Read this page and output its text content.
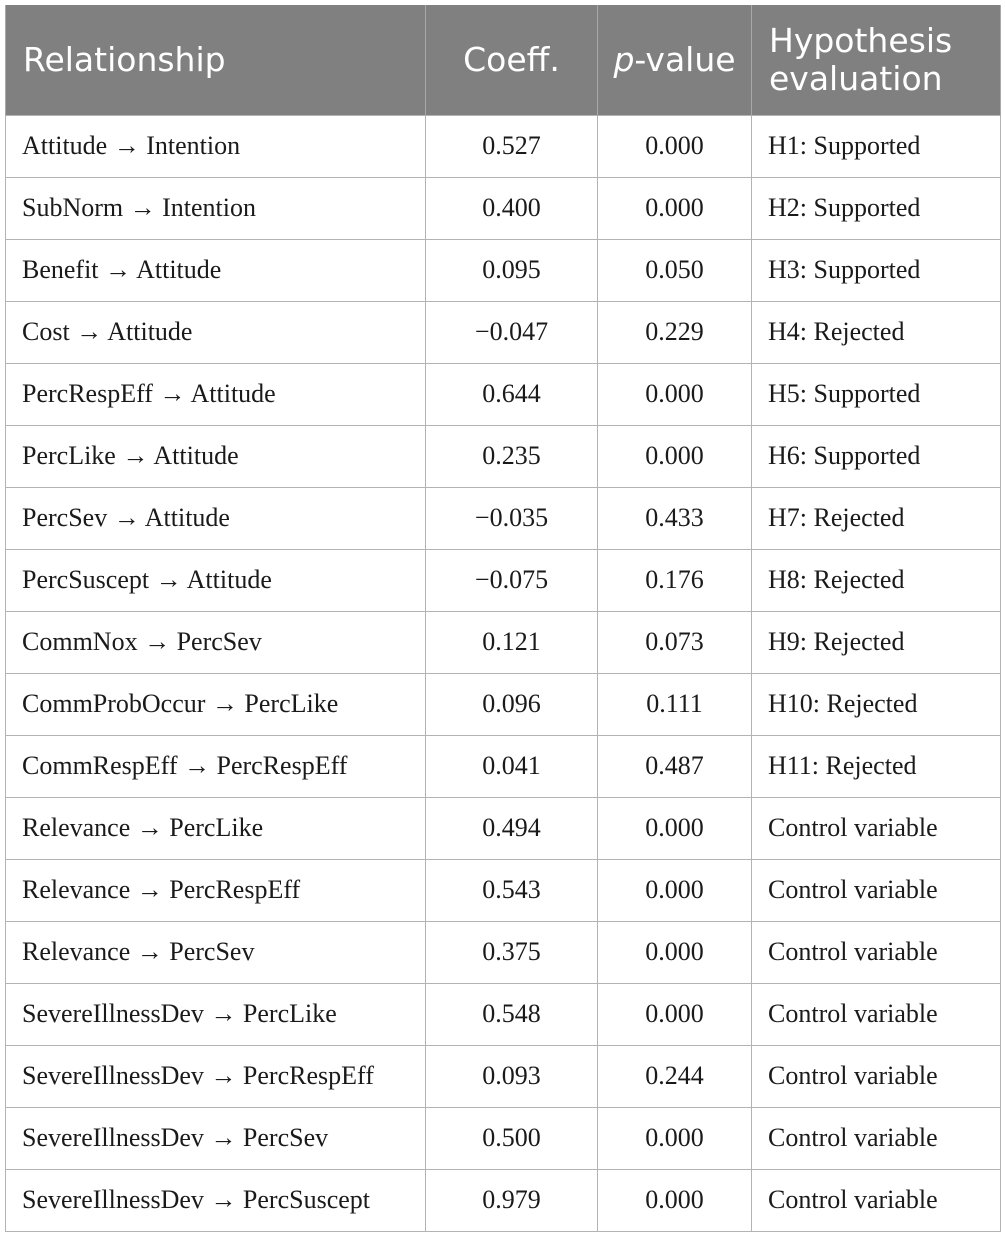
Relationship	Coeff.	p-value	Hypothesis evaluation
Attitude → Intention	0.527	0.000	H1: Supported
SubNorm → Intention	0.400	0.000	H2: Supported
Benefit → Attitude	0.095	0.050	H3: Supported
Cost → Attitude	−0.047	0.229	H4: Rejected
PercRespEff → Attitude	0.644	0.000	H5: Supported
PercLike → Attitude	0.235	0.000	H6: Supported
PercSev → Attitude	−0.035	0.433	H7: Rejected
PercSuscept → Attitude	−0.075	0.176	H8: Rejected
CommNox → PercSev	0.121	0.073	H9: Rejected
CommProbOccur → PercLike	0.096	0.111	H10: Rejected
CommRespEff → PercRespEff	0.041	0.487	H11: Rejected
Relevance → PercLike	0.494	0.000	Control variable
Relevance → PercRespEff	0.543	0.000	Control variable
Relevance → PercSev	0.375	0.000	Control variable
SevereIllnessDev → PercLike	0.548	0.000	Control variable
SevereIllnessDev → PercRespEff	0.093	0.244	Control variable
SevereIllnessDev → PercSev	0.500	0.000	Control variable
SevereIllnessDev → PercSuscept	0.979	0.000	Control variable
